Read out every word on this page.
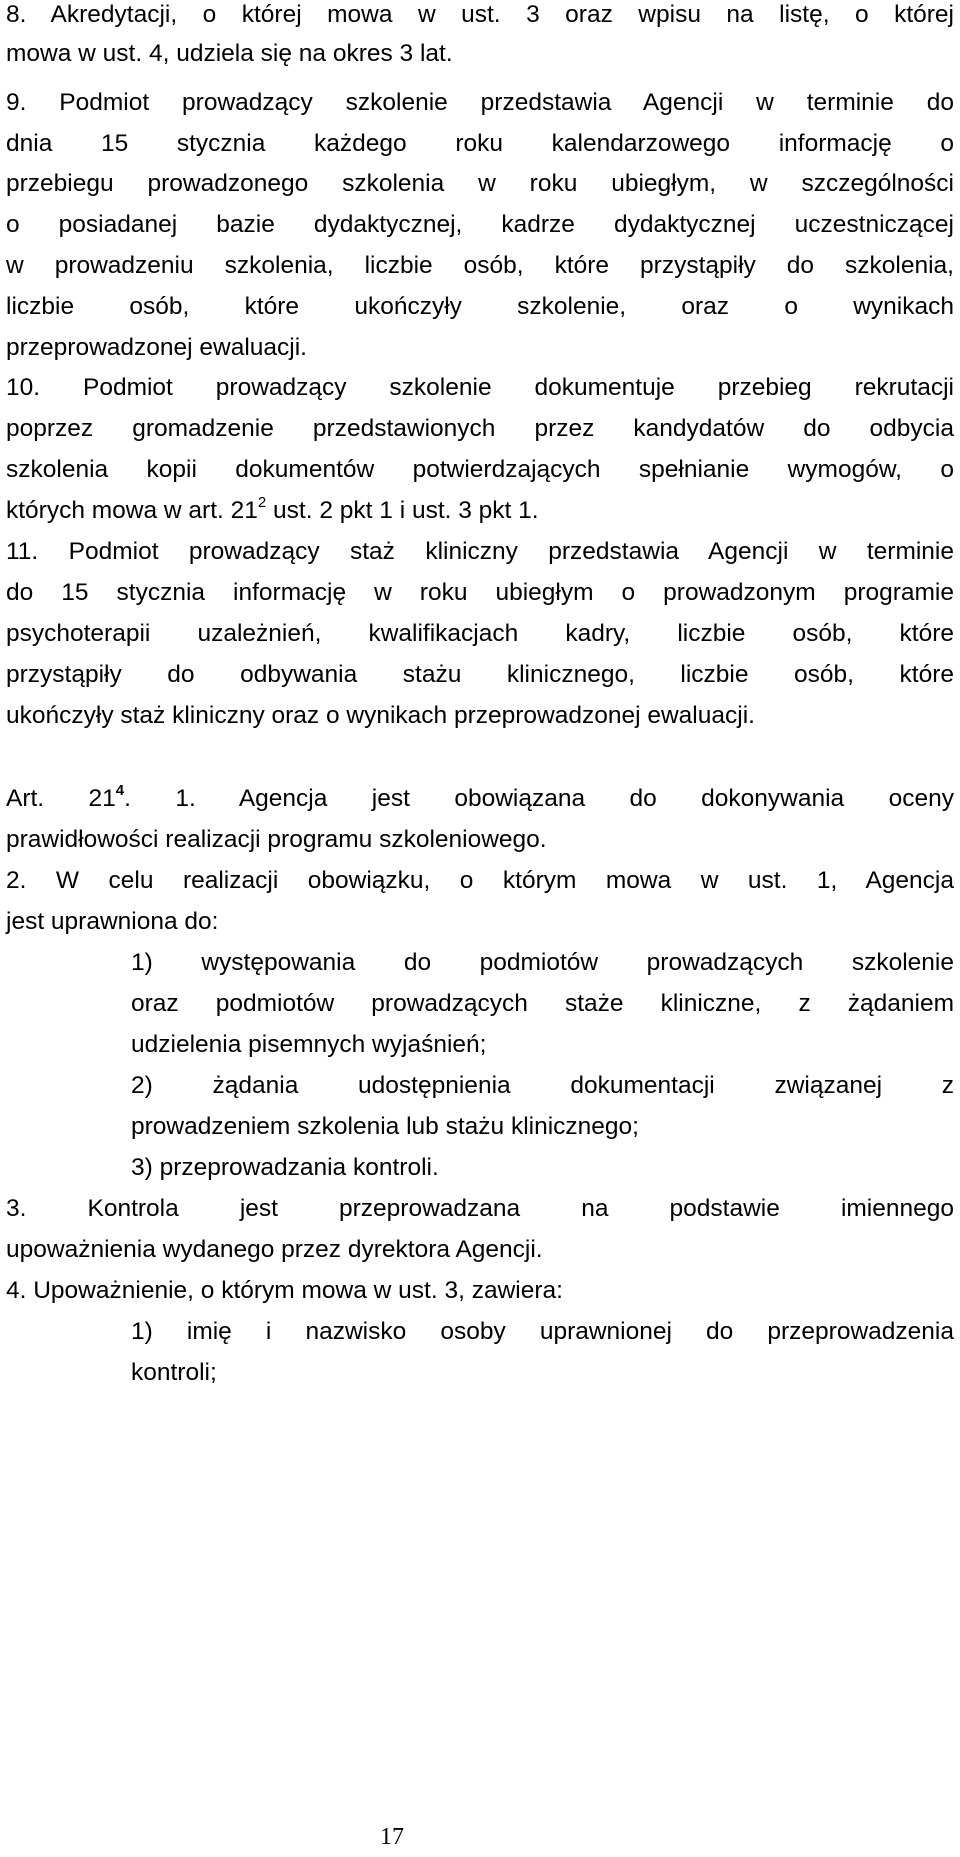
8. Akredytacji, o której mowa w ust. 3 oraz wpisu na listę, o której

mowa w ust. 4, udziela się na okres 3 lat.

9. Podmiot prowadzący szkolenie przedstawia Agencji w terminie do

dnia 15 stycznia każdego roku kalendarzowego informację o

przebiegu prowadzonego szkolenia w roku ubiegłym, w szczególności

o posiadanej bazie dydaktycznej, kadrze dydaktycznej uczestniczącej

w prowadzeniu szkolenia, liczbie osób, które przystąpiły do szkolenia,

liczbie osób, które ukończyły szkolenie, oraz o wynikach

przeprowadzonej ewaluacji.

10. Podmiot prowadzący szkolenie dokumentuje przebieg rekrutacji

poprzez gromadzenie przedstawionych przez kandydatów do odbycia

szkolenia kopii dokumentów potwierdzających spełnianie wymogów, o

których mowa w art. $21^2$ ust. 2 pkt 1 i ust. 3 pkt 1.

11. Podmiot prowadzący staż kliniczny przedstawia Agencji w terminie

do 15 stycznia informację w roku ubiegłym o prowadzonym programie

psychoterapii uzależnień, kwalifikacjach kadry, liczbie osób, które

przystąpiły do odbywania stażu klinicznego, liczbie osób, które

ukończyły staż kliniczny oraz o wynikach przeprowadzonej ewaluacji.

Art. $21^4$. 1. Agencja jest obowiązana do dokonywania oceny

prawidłowości realizacji programu szkoleniowego.

2. W celu realizacji obowiązku, o którym mowa w ust. 1, Agencja

jest uprawniona do:

1) występowania do podmiotów prowadzących szkolenie

oraz podmiotów prowadzących staże kliniczne, z żądaniem

udzielenia pisemnych wyjaśnień;

2) żądania udostępnienia dokumentacji związanej z

prowadzeniem szkolenia lub stażu klinicznego;

3) przeprowadzania kontroli.

3. Kontrola jest przeprowadzana na podstawie imiennego

upoważnienia wydanego przez dyrektora Agencji.

4. Upoważnienie, o którym mowa w ust. 3, zawiera:

1) imię i nazwisko osoby uprawnionej do przeprowadzenia

kontroli;

17
